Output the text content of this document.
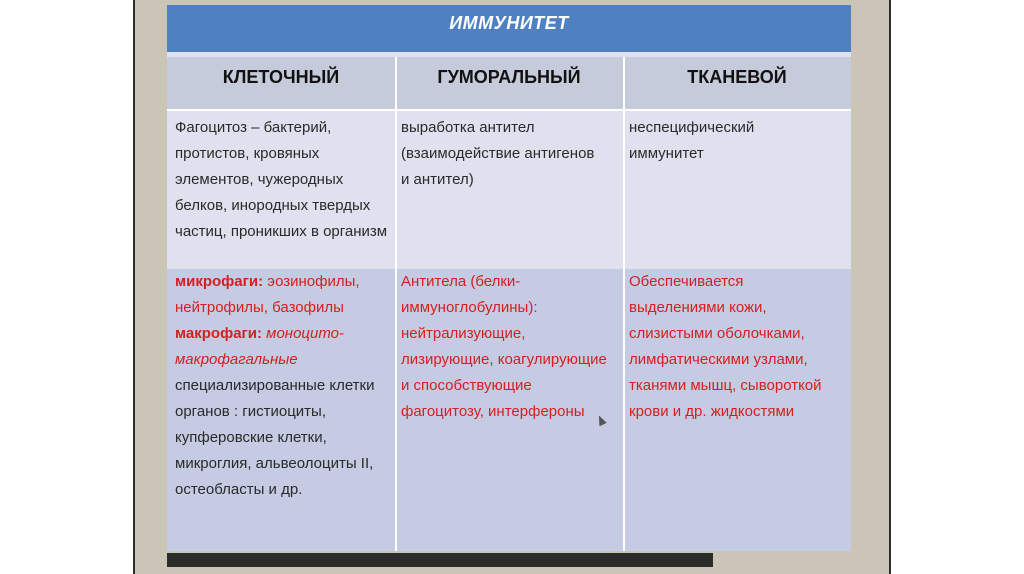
ИММУНИТЕТ
КЛЕТОЧНЫЙ	ГУМОРАЛЬНЫЙ	ТКАНЕВОЙ
Фагоцитоз – бактерий, протистов, кровяных элементов, чужеродных белков, инородных твердых частиц, проникших в организм
выработка антител (взаимодействие антигенов и антител)
неспецифический иммунитет
микрофаги: эозинофилы, нейтрофилы, базофилы
макрофаги: моноцито-макрофагальные
специализированные клетки органов : гистиоциты, купферовские клетки, микроглия, альвеолоциты II, остеобласты и др.
Антитела (белки-иммуноглобулины): нейтрализующие, лизирующие, коагулирующие и способствующие фагоцитозу, интерфероны
Обеспечивается выделениями кожи, слизистыми оболочками, лимфатическими узлами, тканями мышц, сывороткой крови и др. жидкостями
